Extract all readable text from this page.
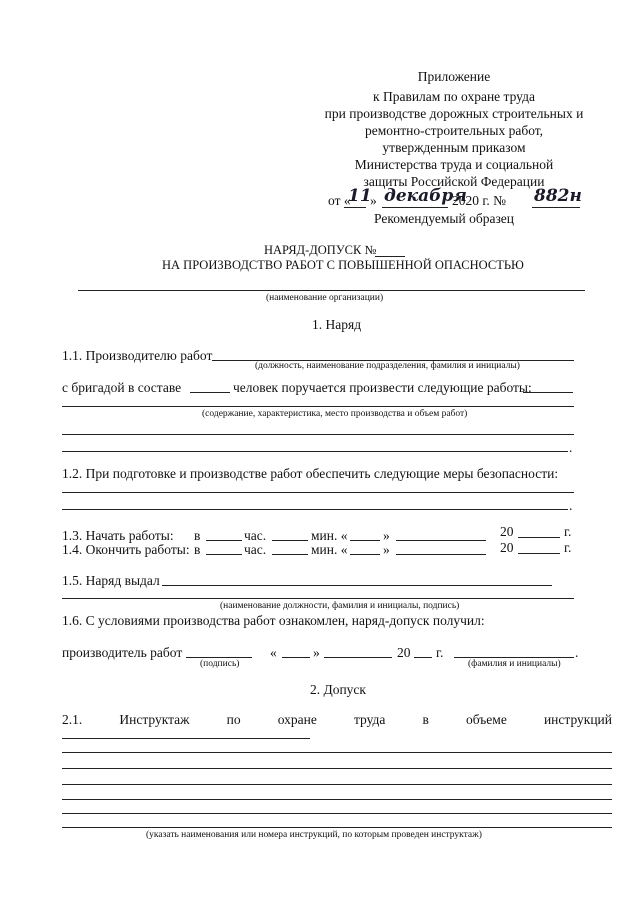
Приложение
к Правилам по охране труда
при производстве дорожных строительных и
ремонтно-строительных работ,
утвержденным приказом
Министерства труда и социальной
защиты Российской Федерации
от «
11
» декабря
2020 г. № 882н
Рекомендуемый образец
НАРЯД-ДОПУСК №
НА ПРОИЗВОДСТВО РАБОТ С ПОВЫШЕННОЙ ОПАСНОСТЬЮ
(наименование организации)
1. Наряд
1.1. Производителю работ
(должность, наименование подразделения, фамилия и инициалы)
с бригадой в составе	человек поручается произвести следующие работы:
(содержание, характеристика, место производства и объем работ)
.
1.2. При подготовке и производстве работ обеспечить следующие меры безопасности:
.
1.3. Начать работы: в	час.	мин. «	»	20	г.
1.4. Окончить работы: в	час.	мин. «	»	20	г.
1.5. Наряд выдал
(наименование должности, фамилия и инициалы, подпись)
1.6. С условиями производства работ ознакомлен, наряд-допуск получил:
производитель работ
(подпись)
«	»	20 г.	.
(фамилия и инициалы)
2. Допуск
2.1.	Инструктаж	по	охране	труда	в	объеме	инструкций
(указать наименования или номера инструкций, по которым проведен инструктаж)
